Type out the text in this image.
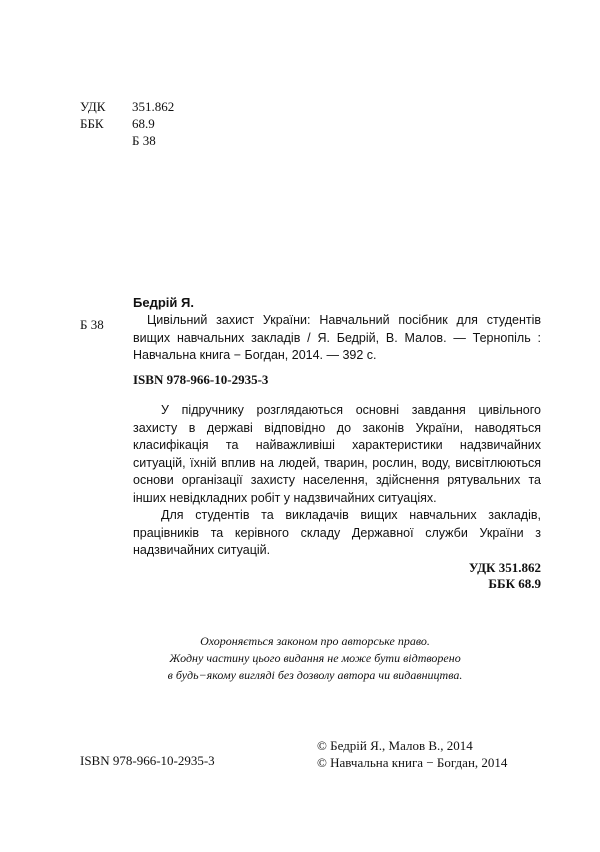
УДК	351.862
ББК	68.9
Б 38
Б 38

Бедрій Я.

Цивільний захист України: Навчальний посібник для студентів вищих навчальних закладів / Я. Бедрій, В. Малов. — Тернопіль : Навчальна книга − Богдан, 2014. — 392 с.

ISBN 978-966-10-2935-3

У підручнику розглядаються основні завдання цивільного захисту в державі відповідно до законів України, наводяться класифікація та найважливіші характеристики надзвичайних ситуацій, їхній вплив на людей, тварин, рослин, воду, висвітлюються основи організації захисту населення, здійснення рятувальних та інших невідкладних робіт у надзвичайних ситуаціях.

Для студентів та викладачів вищих навчальних закладів, працівників та керівного складу Державної служби України з надзвичайних ситуацій.

УДК 351.862
ББК 68.9
Охороняється законом про авторське право.
Жодну частину цього видання не може бути відтворено
в будь−якому вигляді без дозволу автора чи видавництва.
ISBN 978-966-10-2935-3
© Бедрій Я., Малов В., 2014
© Навчальна книга − Богдан, 2014
